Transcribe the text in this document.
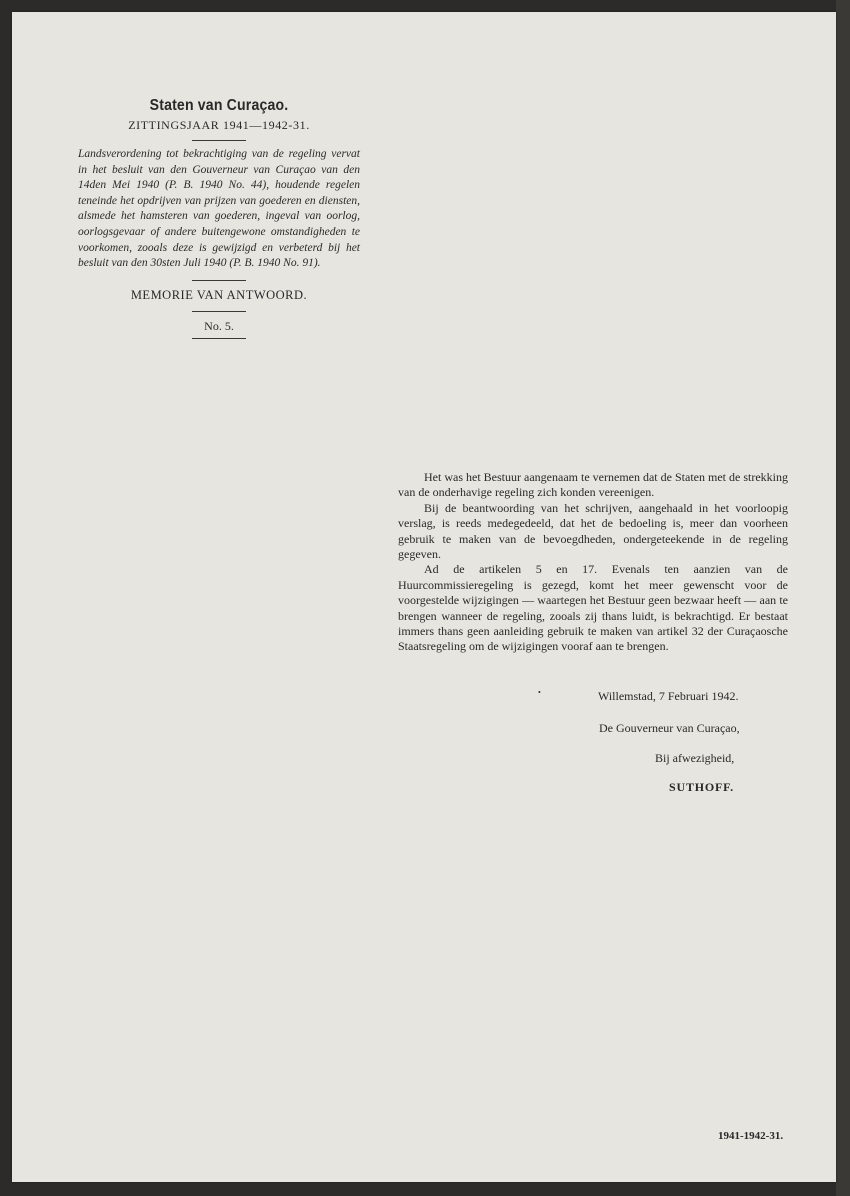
Staten van Curaçao.

ZITTINGSJAAR 1941—1942-31.

Landsverordening tot bekrachtiging van de regeling vervat in het besluit van den Gouverneur van Curaçao van den 14den Mei 1940 (P. B. 1940 No. 44), houdende regelen teneinde het opdrijven van prijzen van goederen en diensten, alsmede het hamsteren van goederen, ingeval van oorlog, oorlogsgevaar of andere buitengewone omstandigheden te voorkomen, zooals deze is gewijzigd en verbeterd bij het besluit van den 30sten Juli 1940 (P. B. 1940 No. 91).

MEMORIE VAN ANTWOORD.

No. 5.

Het was het Bestuur aangenaam te vernemen dat de Staten met de strekking van de onderhavige regeling zich konden vereenigen.

Bij de beantwoording van het schrijven, aangehaald in het voorloopig verslag, is reeds medegedeeld, dat het de bedoeling is, meer dan voorheen gebruik te maken van de bevoegdheden, ondergeteekende in de regeling gegeven.

Ad de artikelen 5 en 17. Evenals ten aanzien van de Huurcommissieregeling is gezegd, komt het meer gewenscht voor de voorgestelde wijzigingen — waartegen het Bestuur geen bezwaar heeft — aan te brengen wanneer de regeling, zooals zij thans luidt, is bekrachtigd. Er bestaat immers thans geen aanleiding gebruik te maken van artikel 32 der Curaçaosche Staatsregeling om de wijzigingen vooraf aan te brengen.

•	Willemstad, 7 Februari 1942.
De Gouverneur van Curaçao,
Bij afwezigheid,
SUTHOFF.
1941-1942-31.
